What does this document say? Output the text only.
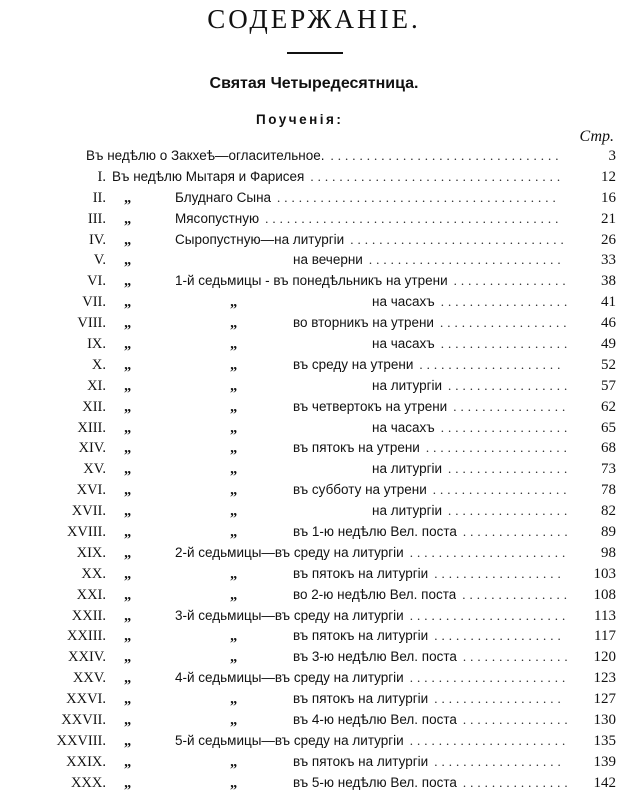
СОДЕРЖАНІЕ.
Святая Четыредесятница.
Поученія:
Стр.
Въ недѣлю о Закхеѣ—огласительное. ................................	3
I. Въ недѣлю Мытаря и Фарисея ...................................	12
II. „	Блуднаго Сына .......................................	16
III. „	Мясопустную .........................................	21
IV. „	Сыропустную—на литургіи ..............................	26
V. „	на вечерни ...........................	33
VI. „	1-й седьмицы - въ понедѣльникъ на утрени ................	38
VII. „	„	на часахъ ..................	41
VIII. „	„	во вторникъ на утрени ..................	46
IX. „	„	на часахъ ..................	49
X. „	„	въ среду на утрени ....................	52
XI. „	„	на литургіи .................	57
XII. „	„	въ четвертокъ на утрени ................	62
XIII. „	„	на часахъ ..................	65
XIV. „	„	въ пятокъ на утрени ....................	68
XV. „	„	на литургіи .................	73
XVI. „	„	въ субботу на утрени ...................	78
XVII. „	„	на литургіи .................	82
XVIII. „	„	въ 1-ю недѣлю Вел. поста ............... 89
XIX. „	2-й седьмицы—въ среду на литургіи ......................	98
XX. „	„	въ пятокъ на литургіи ..................	103
XXI. „	„	во 2-ю недѣлю Вел. поста ...............	108
XXII. „	3-й седьмицы—въ среду на литургіи ......................	113
XXIII. „	„	въ пятокъ на литургіи ..................	117
XXIV. „	„	въ 3-ю недѣлю Вел. поста ............... 120
XXV. „	4-й седьмицы—въ среду на литургіи ......................	123
XXVI. „	„	въ пятокъ на литургіи ..................	127
XXVII. „	„	въ 4-ю недѣлю Вел. поста ............... 130
XXVIII. „	5-й седьмицы—въ среду на литургіи ......................	135
XXIX. „	„	въ пятокъ на литургіи ..................	139
XXX. „	„	въ 5-ю недѣлю Вел. поста ............... 142
